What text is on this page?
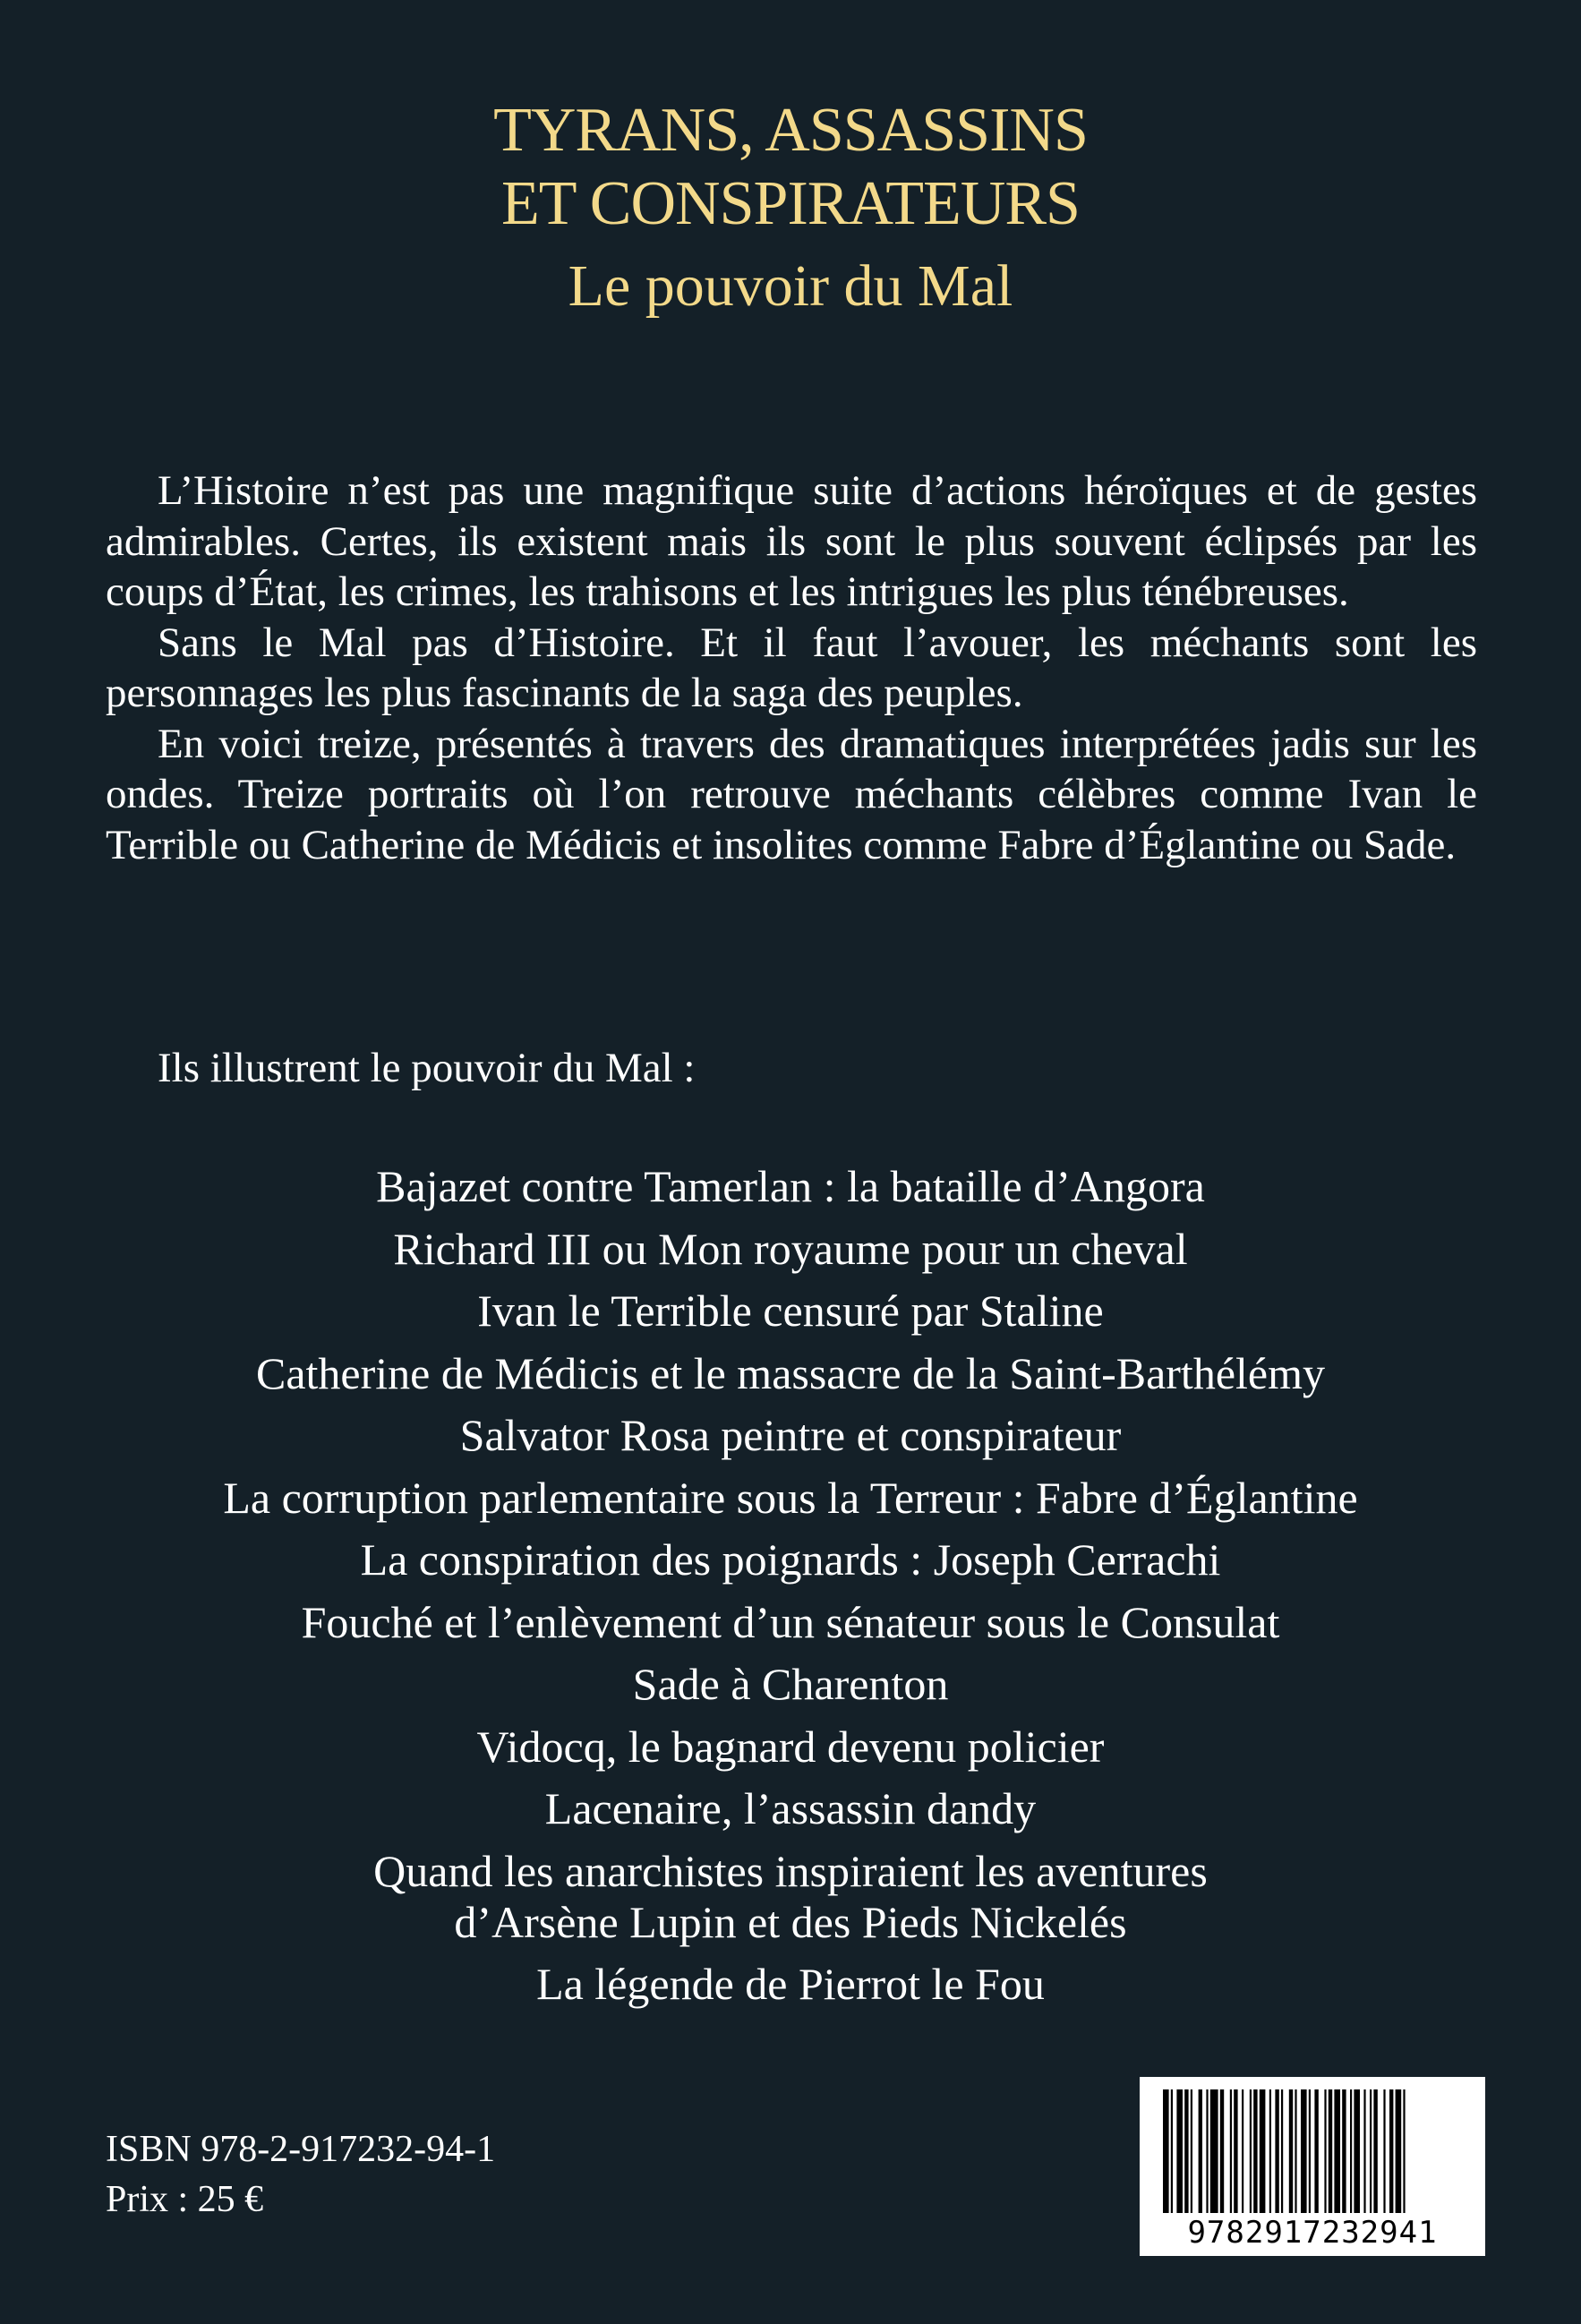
TYRANS, ASSASSINS
ET CONSPIRATEURS
Le pouvoir du Mal

L’Histoire n’est pas une magnifique suite d’actions héroïques et de gestes admirables. Certes, ils existent mais ils sont le plus souvent éclipsés par les coups d’État, les crimes, les trahisons et les intrigues les plus ténébreuses.

Sans le Mal pas d’Histoire. Et il faut l’avouer, les méchants sont les personnages les plus fascinants de la saga des peuples.

En voici treize, présentés à travers des dramatiques interprétées jadis sur les ondes. Treize portraits où l’on retrouve méchants célèbres comme Ivan le Terrible ou Catherine de Médicis et insolites comme Fabre d’Églantine ou Sade.

Ils illustrent le pouvoir du Mal :
Bajazet contre Tamerlan : la bataille d’Angora
Richard III ou Mon royaume pour un cheval
Ivan le Terrible censuré par Staline
Catherine de Médicis et le massacre de la Saint-Barthélémy
Salvator Rosa peintre et conspirateur
La corruption parlementaire sous la Terreur : Fabre d’Églantine
La conspiration des poignards : Joseph Cerrachi
Fouché et l’enlèvement d’un sénateur sous le Consulat
Sade à Charenton
Vidocq, le bagnard devenu policier
Lacenaire, l’assassin dandy
Quand les anarchistes inspiraient les aventures
d’Arsène Lupin et des Pieds Nickelés
La légende de Pierrot le Fou
ISBN 978-2-917232-94-1
Prix : 25 €
9782917232941
